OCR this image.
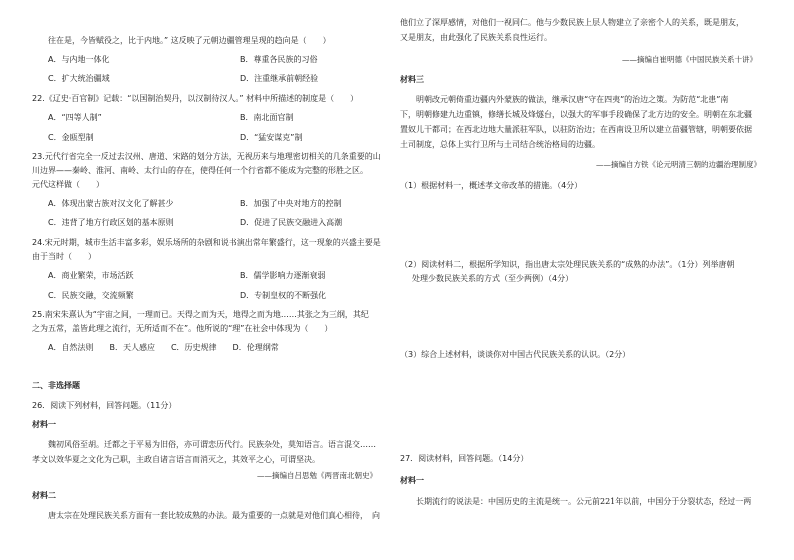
往在是，今皆赋役之，比于内地。” 这反映了元朝边疆管理呈现的趋向是（　　）
A．与内地一体化	B．尊重各民族的习俗
C．扩大统治疆域	D．注重继承前朝经验
22.《辽史·百官制》记载：“以国制治契丹，以汉制待汉人。” 材料中所描述的制度是（　　）
A．“四等人制”	B．南北面官制
C．金瓯型制	D．“猛安谋克”制
23.元代行省完全一反过去汉州、唐道、宋路的划分方法，无视历来与地理密切相关的几条重要的山
川边界——秦岭、淮河、南岭、太行山的存在，使得任何一个行省都不能成为完整的形胜之区。
元代这样做（　　）
A．体现出蒙古族对汉文化了解甚少	B．加强了中央对地方的控制
C．违背了地方行政区划的基本原则	D．促进了民族交融进入高潮
24.宋元时期，城市生活丰富多彩，娱乐场所的杂剧和说书演出常年繁盛行，这一现象的兴盛主要是
由于当时（　　）
A．商业繁荣，市场活跃	B．儒学影响力逐渐衰弱
C．民族交融，交流频繁	D．专制皇权的不断强化
25.南宋朱熹认为“宇宙之间，一理而已。天得之而为天，地得之而为地……其张之为三纲，其纪
之为五常，盖皆此理之流行，无所适而不在”。他所说的“理”在社会中体现为（　　）
A．自然法则　　B．天人感应　　C．历史规律　　D．伦理纲常
二、非选择题
26．阅读下列材料，回答问题。（11分）
材料一
魏初风俗至胡。迁都之于平易为旧俗，亦可谓恋历代行。民族杂处，莫知语言。语言混交……
孝文以效华夏之文化为己职，主政自诸言语言而消灭之，其效平之心，可谓坚决。
——摘编自吕思勉《两晋南北朝史》
材料二
唐太宗在处理民族关系方面有一套比较成熟的办法。最为重要的一点就是对他们真心相待，　向
他们立了深厚感情，对他们一视同仁。他与少数民族上层人物建立了亲密个人的关系，既是朋友，
又是朋友，由此强化了民族关系良性运行。
——摘编自崔明德《中国民族关系十讲》
材料三
明朝改元朝倚重边疆内外蒙族的做法，继承汉唐“守在四夷”的治边之策。为防范“北患”南
下，明朝修建九边重镇，修缮长城及烽燧台，以强大的军事手段确保了北方边的安全。明朝在东北疆
置奴儿干都司；在西北边地大量派驻军队，以驻防治边；在西南设卫所以建立苗疆管辖，明朝要依据
土司制度，总体上实行卫所与土司结合统治格局的边疆。
——摘编自方铁《论元明清三朝的边疆治理制度》
（1）根据材料一，概述孝文帝改革的措施。（4分）
（2）阅读材料二，根据所学知识，指出唐太宗处理民族关系的“成熟的办法”。（1分）列举唐朝
处理少数民族关系的方式（至少两例）（4分）
（3）综合上述材料，谈谈你对中国古代民族关系的认识。（2分）
27．阅读材料，回答问题。（14分）
材料一
长期流行的说法是：中国历史的主流是统一。公元前221年以前，中国分于分裂状态，经过一两
